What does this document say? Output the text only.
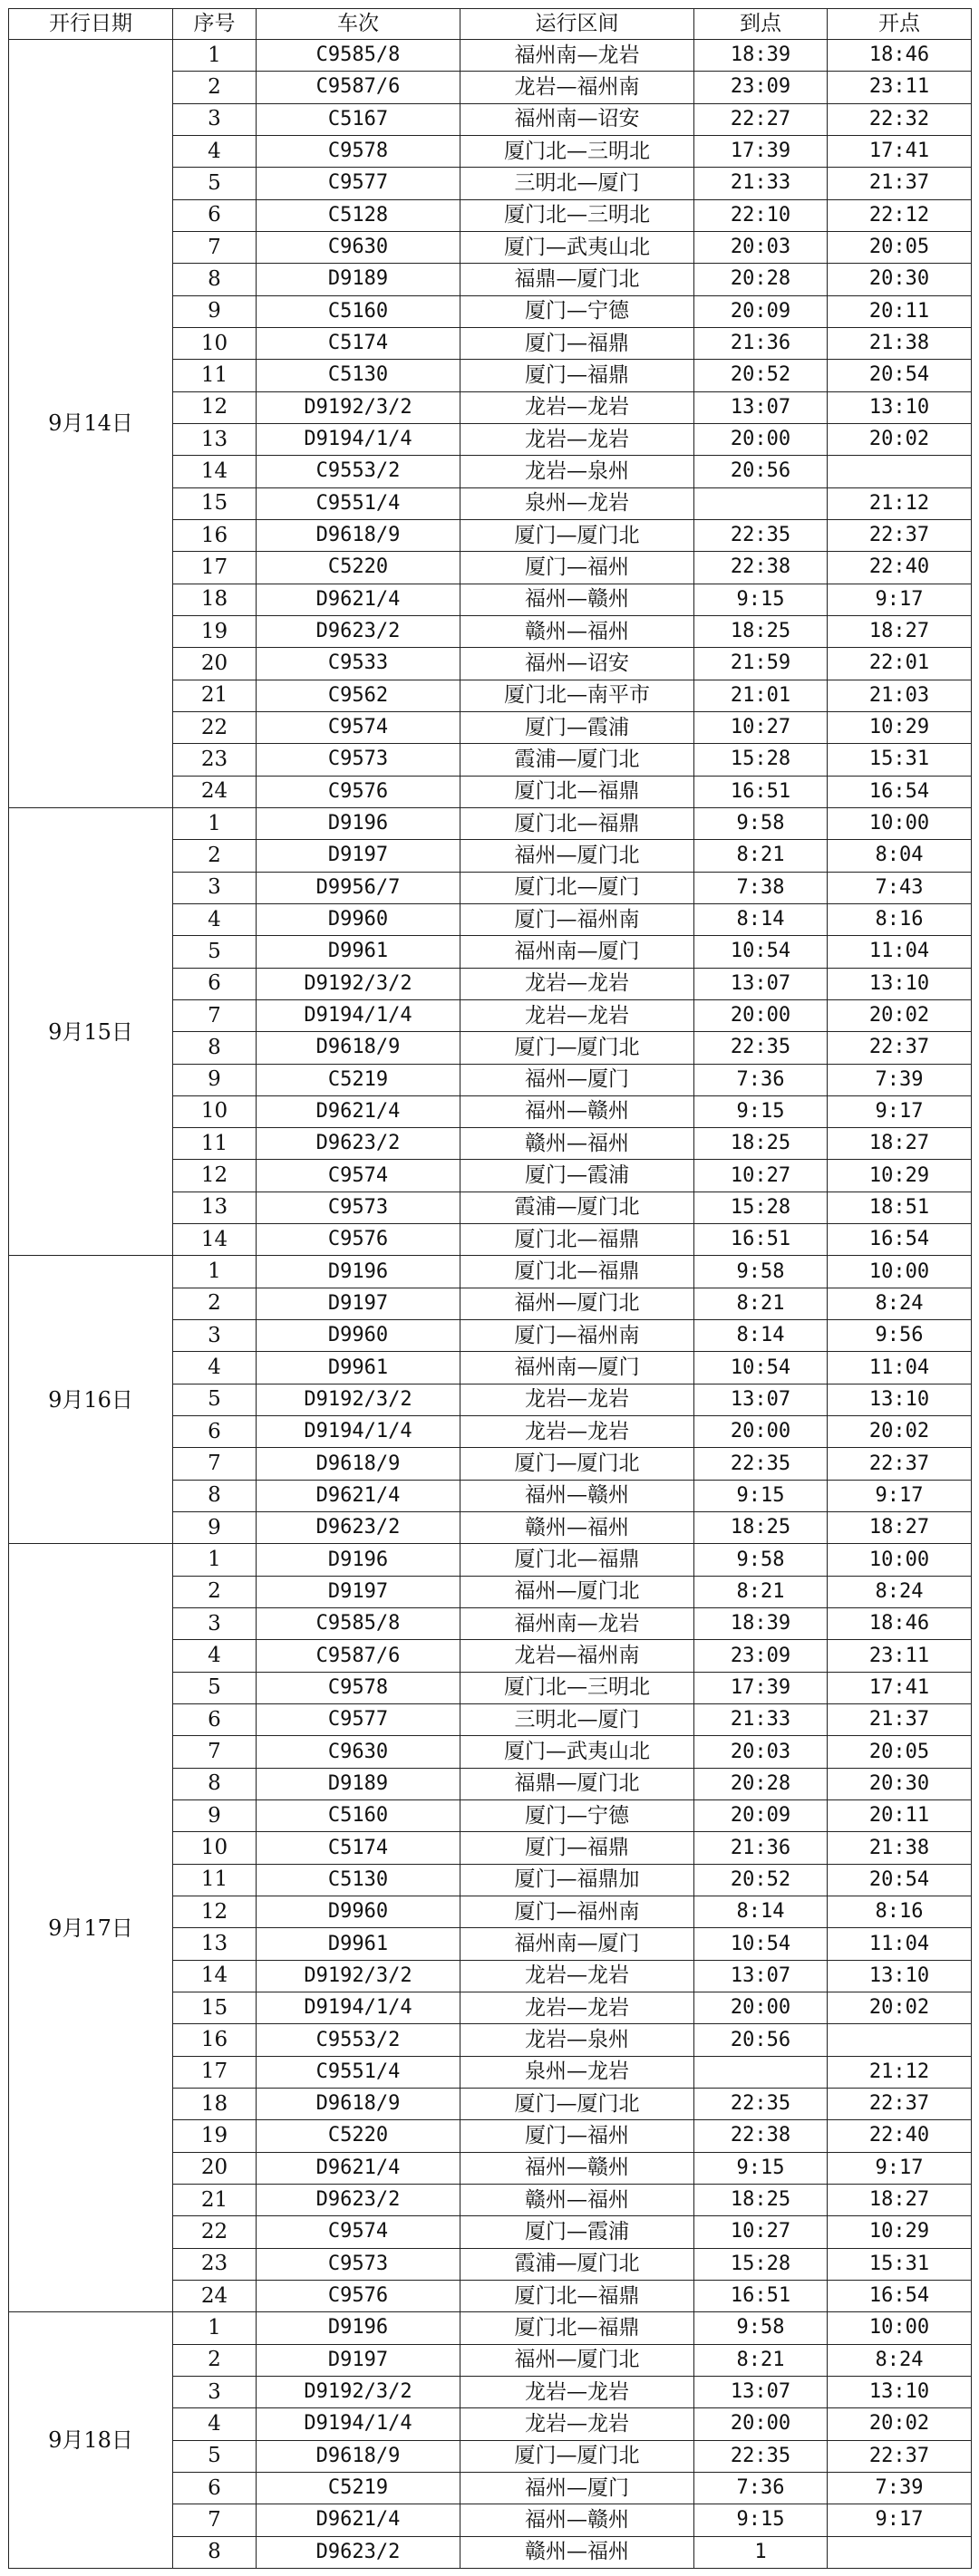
开行日期	序号	车次	运行区间	到点	开点
9月14日	1	C9585/8	福州南—龙岩	18:39	18:46
	2	C9587/6	龙岩—福州南	23:09	23:11
	3	C5167	福州南—诏安	22:27	22:32
	4	C9578	厦门北—三明北	17:39	17:41
	5	C9577	三明北—厦门	21:33	21:37
	6	C5128	厦门北—三明北	22:10	22:12
	7	C9630	厦门—武夷山北	20:03	20:05
	8	D9189	福鼎—厦门北	20:28	20:30
	9	C5160	厦门—宁德	20:09	20:11
	10	C5174	厦门—福鼎	21:36	21:38
	11	C5130	厦门—福鼎	20:52	20:54
	12	D9192/3/2	龙岩—龙岩	13:07	13:10
	13	D9194/1/4	龙岩—龙岩	20:00	20:02
	14	C9553/2	龙岩—泉州	20:56	
	15	C9551/4	泉州—龙岩		21:12
	16	D9618/9	厦门—厦门北	22:35	22:37
	17	C5220	厦门—福州	22:38	22:40
	18	D9621/4	福州—赣州	9:15	9:17
	19	D9623/2	赣州—福州	18:25	18:27
	20	C9533	福州—诏安	21:59	22:01
	21	C9562	厦门北—南平市	21:01	21:03
	22	C9574	厦门—霞浦	10:27	10:29
	23	C9573	霞浦—厦门北	15:28	15:31
	24	C9576	厦门北—福鼎	16:51	16:54
9月15日	1	D9196	厦门北—福鼎	9:58	10:00
	2	D9197	福州—厦门北	8:21	8:04
	3	D9956/7	厦门北—厦门	7:38	7:43
	4	D9960	厦门—福州南	8:14	8:16
	5	D9961	福州南—厦门	10:54	11:04
	6	D9192/3/2	龙岩—龙岩	13:07	13:10
	7	D9194/1/4	龙岩—龙岩	20:00	20:02
	8	D9618/9	厦门—厦门北	22:35	22:37
	9	C5219	福州—厦门	7:36	7:39
	10	D9621/4	福州—赣州	9:15	9:17
	11	D9623/2	赣州—福州	18:25	18:27
	12	C9574	厦门—霞浦	10:27	10:29
	13	C9573	霞浦—厦门北	15:28	18:51
	14	C9576	厦门北—福鼎	16:51	16:54
9月16日	1	D9196	厦门北—福鼎	9:58	10:00
	2	D9197	福州—厦门北	8:21	8:24
	3	D9960	厦门—福州南	8:14	9:56
	4	D9961	福州南—厦门	10:54	11:04
	5	D9192/3/2	龙岩—龙岩	13:07	13:10
	6	D9194/1/4	龙岩—龙岩	20:00	20:02
	7	D9618/9	厦门—厦门北	22:35	22:37
	8	D9621/4	福州—赣州	9:15	9:17
	9	D9623/2	赣州—福州	18:25	18:27
9月17日	1	D9196	厦门北—福鼎	9:58	10:00
	2	D9197	福州—厦门北	8:21	8:24
	3	C9585/8	福州南—龙岩	18:39	18:46
	4	C9587/6	龙岩—福州南	23:09	23:11
	5	C9578	厦门北—三明北	17:39	17:41
	6	C9577	三明北—厦门	21:33	21:37
	7	C9630	厦门—武夷山北	20:03	20:05
	8	D9189	福鼎—厦门北	20:28	20:30
	9	C5160	厦门—宁德	20:09	20:11
	10	C5174	厦门—福鼎	21:36	21:38
	11	C5130	厦门—福鼎加	20:52	20:54
	12	D9960	厦门—福州南	8:14	8:16
	13	D9961	福州南—厦门	10:54	11:04
	14	D9192/3/2	龙岩—龙岩	13:07	13:10
	15	D9194/1/4	龙岩—龙岩	20:00	20:02
	16	C9553/2	龙岩—泉州	20:56	
	17	C9551/4	泉州—龙岩		21:12
	18	D9618/9	厦门—厦门北	22:35	22:37
	19	C5220	厦门—福州	22:38	22:40
	20	D9621/4	福州—赣州	9:15	9:17
	21	D9623/2	赣州—福州	18:25	18:27
	22	C9574	厦门—霞浦	10:27	10:29
	23	C9573	霞浦—厦门北	15:28	15:31
	24	C9576	厦门北—福鼎	16:51	16:54
9月18日	1	D9196	厦门北—福鼎	9:58	10:00
	2	D9197	福州—厦门北	8:21	8:24
	3	D9192/3/2	龙岩—龙岩	13:07	13:10
	4	D9194/1/4	龙岩—龙岩	20:00	20:02
	5	D9618/9	厦门—厦门北	22:35	22:37
	6	C5219	福州—厦门	7:36	7:39
	7	D9621/4	福州—赣州	9:15	9:17
	8	D9623/2	赣州—福州	1	
